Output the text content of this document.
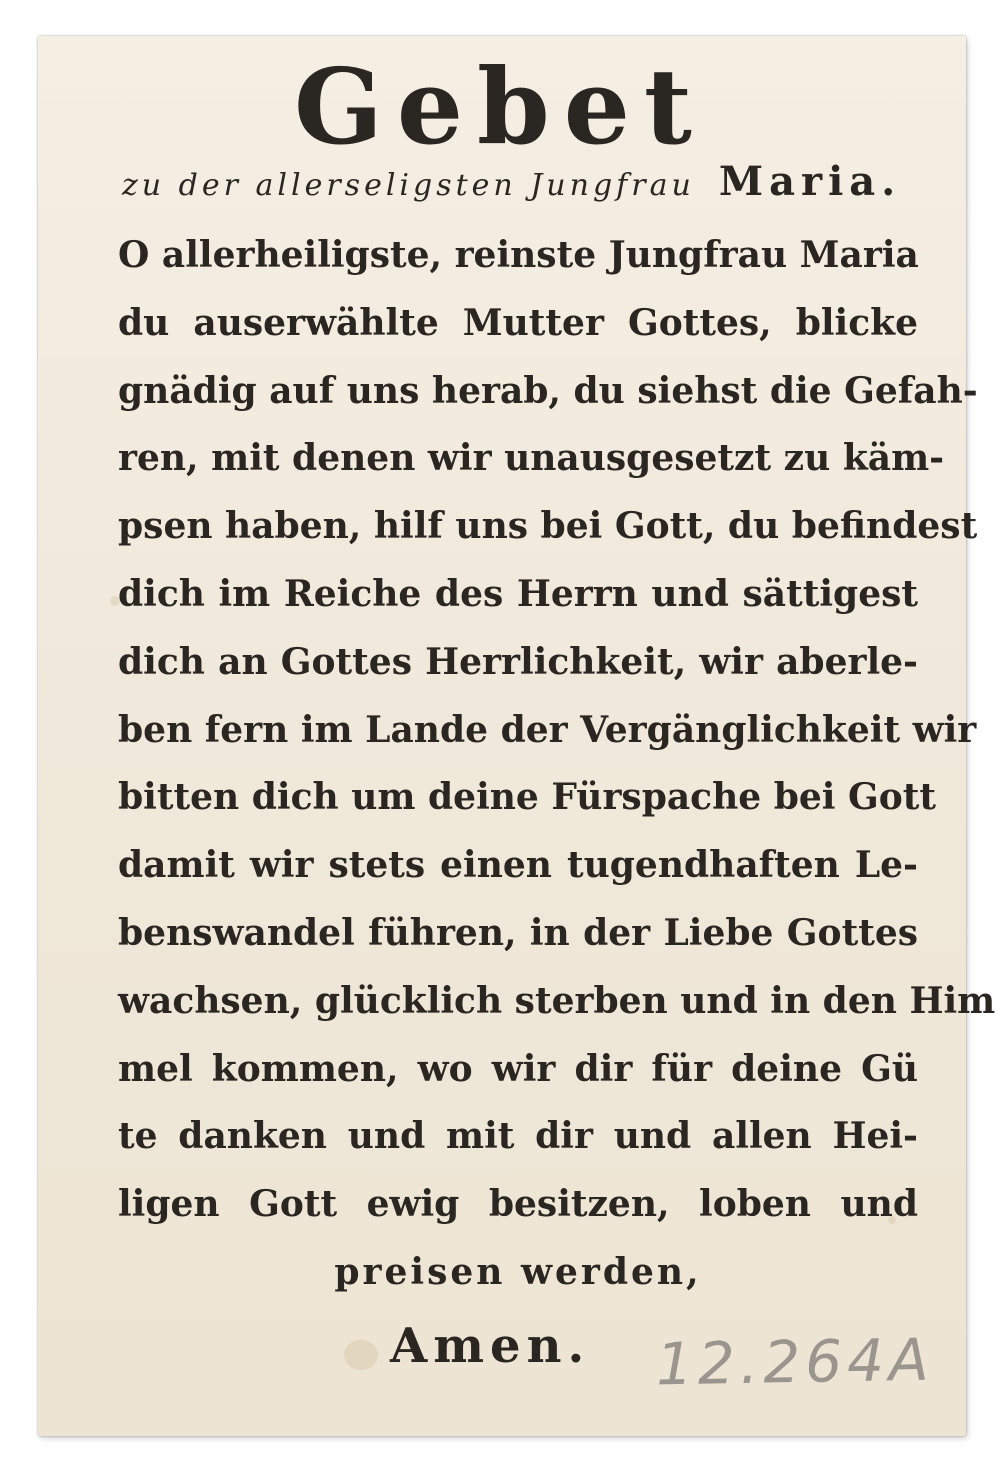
Gebet
zu der allerseligsten Jungfrau Maria.
O allerheiligste, reinste Jungfrau Maria
du auserwählte Mutter Gottes, blicke
gnädig auf uns herab, du siehst die Gefah-
ren, mit denen wir unausgesetzt zu käm-
psen haben, hilf uns bei Gott, du befindest
dich im Reiche des Herrn und sättigest
dich an Gottes Herrlichkeit, wir aberle-
ben fern im Lande der Vergänglichkeit wir
bitten dich um deine Fürspache bei Gott
damit wir stets einen tugendhaften Le-
benswandel führen, in der Liebe Gottes
wachsen, glücklich sterben und in den Him
mel kommen, wo wir dir für deine Gü
te danken und mit dir und allen Hei-
ligen Gott ewig besitzen, loben und
preisen werden,
Amen. 12.264A
